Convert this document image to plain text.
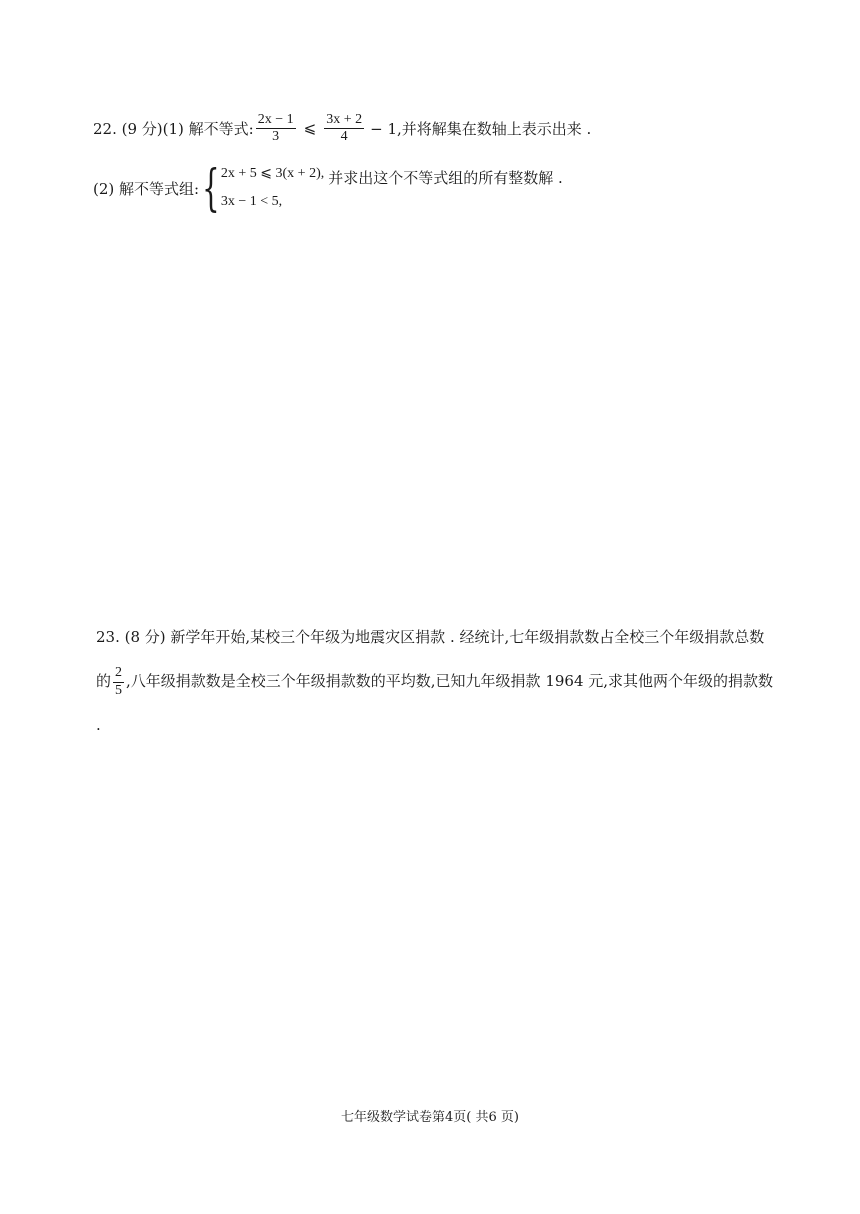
22. (9 分)(1) 解不等式: $\frac{2x - 1}{3}$ ⩽ $\frac{3x + 2}{4} - 1$,并将解集在数轴上表示出来 .
(2) 解不等式组: { 2x + 5 ⩽ 3(x + 2),
3x − 1 < 5,
并求出这个不等式组的所有整数解 .
23. (8 分) 新学年开始,某校三个年级为地震灾区捐款 . 经统计,七年级捐款数占全校三个年级捐款总数的 $\frac{2}{5}$ ,八年级捐款数是全校三个年级捐款数的平均数,已知九年级捐款 1964 元,求其他两个年级的捐款数 .
七年级数学试卷第4页( 共6 页)
